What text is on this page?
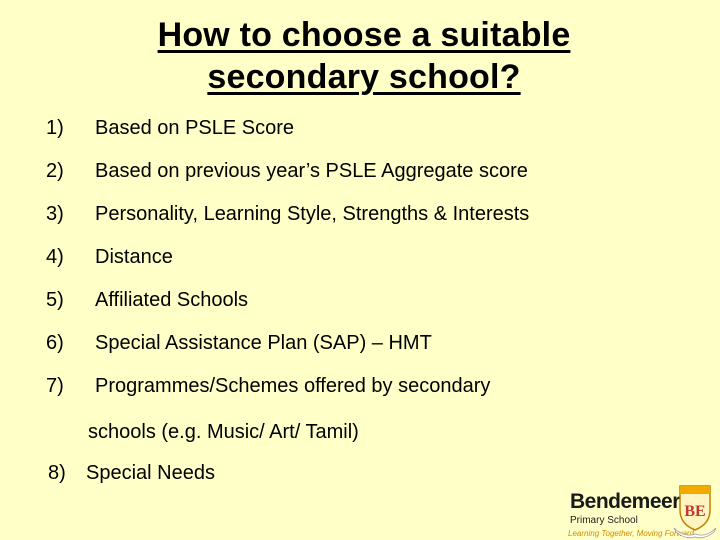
How to choose a suitable
secondary school?
1) Based on PSLE Score
2) Based on previous year’s PSLE Aggregate score
3) Personality, Learning Style, Strengths & Interests
4) Distance
5) Affiliated Schools
6) Special Assistance Plan (SAP) – HMT
7) Programmes/Schemes offered by secondary
schools (e.g. Music/ Art/ Tamil)
8) Special Needs
Bendemeer
Primary School
Learning Together, Moving Forward
BE
